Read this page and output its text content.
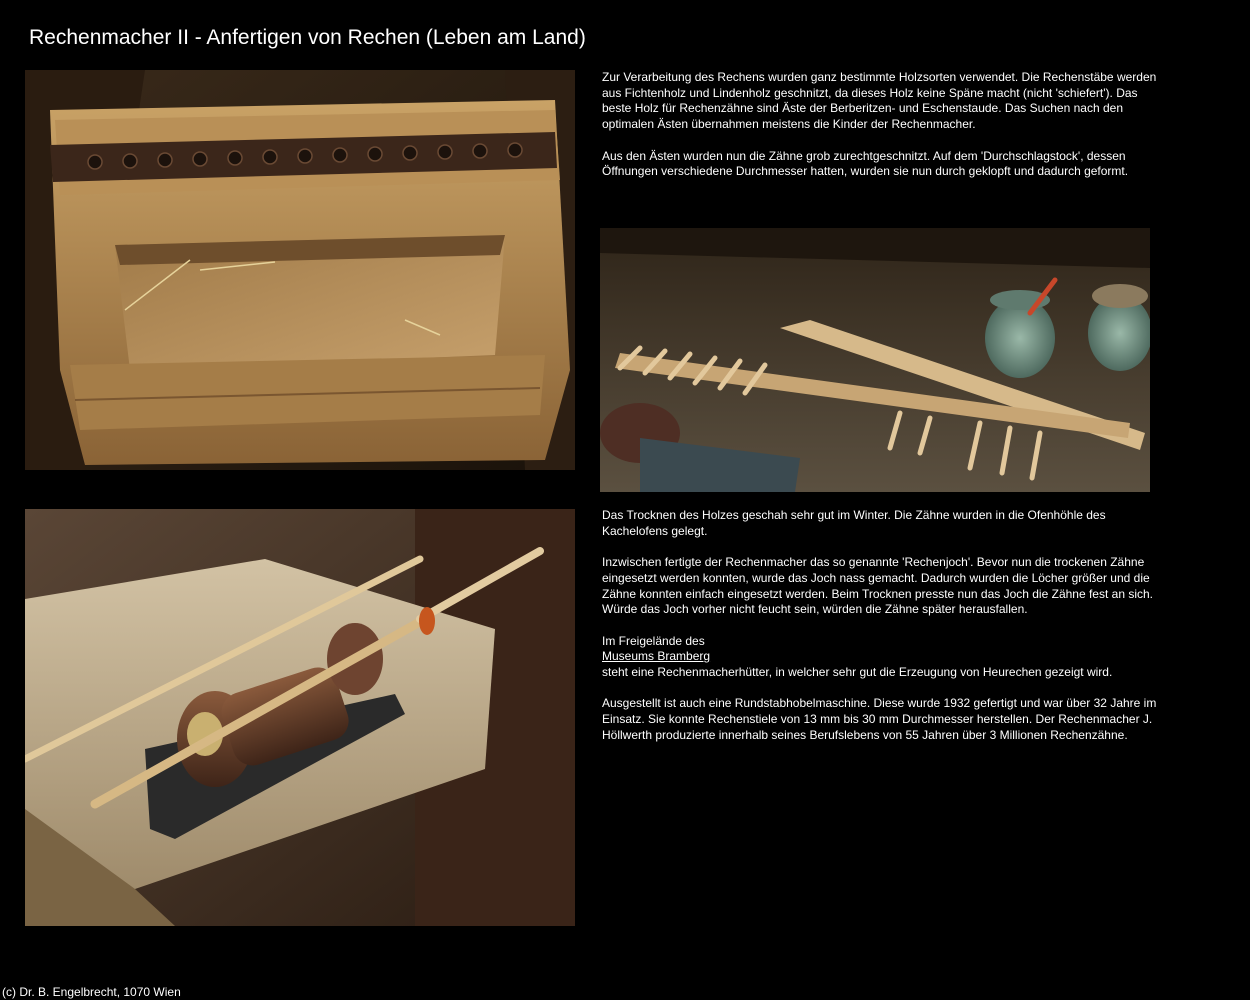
Rechenmacher II - Anfertigen von Rechen (Leben am Land)

Zur Verarbeitung des Rechens wurden ganz bestimmte Holzsorten verwendet. Die Rechenstäbe werden aus Fichtenholz und Lindenholz geschnitzt, da dieses Holz keine Späne macht (nicht 'schiefert'). Das beste Holz für Rechenzähne sind Äste der Berberitzen- und Eschenstaude. Das Suchen nach den optimalen Ästen übernahmen meistens die Kinder der Rechenmacher.

Aus den Ästen wurden nun die Zähne grob zurechtgeschnitzt. Auf dem 'Durchschlagstock', dessen Öffnungen verschiedene Durchmesser hatten, wurden sie nun durch geklopft und dadurch geformt.

Das Trocknen des Holzes geschah sehr gut im Winter. Die Zähne wurden in die Ofenhöhle des Kachelofens gelegt.

Inzwischen fertigte der Rechenmacher das so genannte 'Rechenjoch'. Bevor nun die trockenen Zähne eingesetzt werden konnten, wurde das Joch nass gemacht. Dadurch wurden die Löcher größer und die Zähne konnten einfach eingesetzt werden. Beim Trocknen presste nun das Joch die Zähne fest an sich. Würde das Joch vorher nicht feucht sein, würden die Zähne später herausfallen.

Im Freigelände des
Museums Bramberg
steht eine Rechenmacherhütter, in welcher sehr gut die Erzeugung von Heurechen gezeigt wird.

Ausgestellt ist auch eine Rundstabhobelmaschine. Diese wurde 1932 gefertigt und war über 32 Jahre im Einsatz. Sie konnte Rechenstiele von 13 mm bis 30 mm Durchmesser herstellen. Der Rechenmacher J. Höllwerth produzierte innerhalb seines Berufslebens von 55 Jahren über 3 Millionen Rechenzähne.

(c) Dr. B. Engelbrecht, 1070 Wien
